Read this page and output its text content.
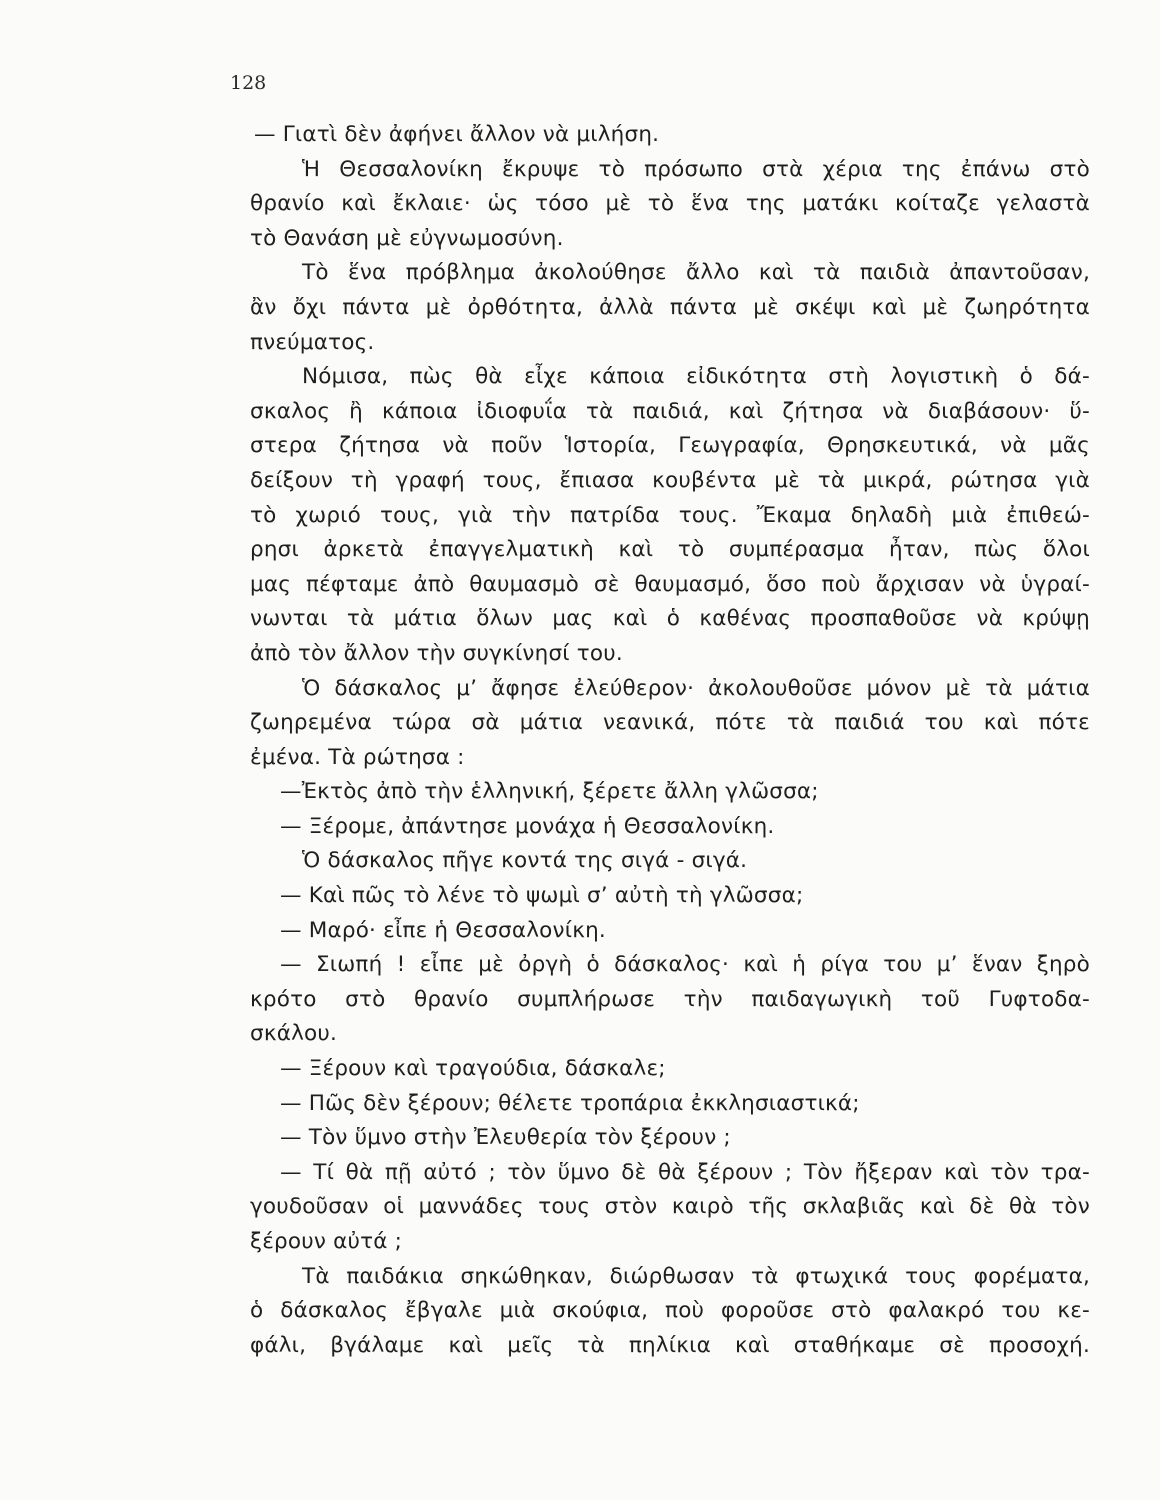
128
— Γιατὶ δὲν ἀφήνει ἄλλον νὰ μιλήση.
Ἡ Θεσσαλονίκη ἔκρυψε τὸ πρόσωπο στὰ χέρια της ἐπάνω στὸ
θρανίο καὶ ἔκλαιε· ὡς τόσο μὲ τὸ ἕνα της ματάκι κοίταζε γελαστὰ
τὸ Θανάση μὲ εὐγνωμοσύνη.
Τὸ ἕνα πρόβλημα ἀκολούθησε ἄλλο καὶ τὰ παιδιὰ ἀπαντοῦσαν,
ἂν ὄχι πάντα μὲ ὀρθότητα, ἀλλὰ πάντα μὲ σκέψι καὶ μὲ ζωηρότητα
πνεύματος.
Νόμισα, πὼς θὰ εἶχε κάποια εἰδικότητα στὴ λογιστικὴ ὁ δά-
σκαλος ἢ κάποια ἰδιοφυΐα τὰ παιδιά, καὶ ζήτησα νὰ διαβάσουν· ὕ-
στερα ζήτησα νὰ ποῦν Ἱστορία, Γεωγραφία, Θρησκευτικά, νὰ μᾶς
δείξουν τὴ γραφή τους, ἔπιασα κουβέντα μὲ τὰ μικρά, ρώτησα γιὰ
τὸ χωριό τους, γιὰ τὴν πατρίδα τους. Ἔκαμα δηλαδὴ μιὰ ἐπιθεώ-
ρησι ἀρκετὰ ἐπαγγελματικὴ καὶ τὸ συμπέρασμα ἦταν, πὼς ὅλοι
μας πέφταμε ἀπὸ θαυμασμὸ σὲ θαυμασμό, ὅσο ποὺ ἄρχισαν νὰ ὑγραί-
νωνται τὰ μάτια ὅλων μας καὶ ὁ καθένας προσπαθοῦσε νὰ κρύψῃ
ἀπὸ τὸν ἄλλον τὴν συγκίνησί του.
Ὁ δάσκαλος μ’ ἄφησε ἐλεύθερον· ἀκολουθοῦσε μόνον μὲ τὰ μάτια
ζωηρεμένα τώρα σὰ μάτια νεανικά, πότε τὰ παιδιά του καὶ πότε
ἐμένα. Τὰ ρώτησα :
—Ἐκτὸς ἀπὸ τὴν ἑλληνική, ξέρετε ἄλλη γλῶσσα;
— Ξέρομε, ἀπάντησε μονάχα ἡ Θεσσαλονίκη.
Ὁ δάσκαλος πῆγε κοντά της σιγά - σιγά.
— Καὶ πῶς τὸ λένε τὸ ψωμὶ σ’ αὐτὴ τὴ γλῶσσα;
— Μαρό· εἶπε ἡ Θεσσαλονίκη.
— Σιωπή ! εἶπε μὲ ὀργὴ ὁ δάσκαλος· καὶ ἡ ρίγα του μ’ ἕναν ξηρὸ
κρότο στὸ θρανίο συμπλήρωσε τὴν παιδαγωγικὴ τοῦ Γυφτοδα-
σκάλου.
— Ξέρουν καὶ τραγούδια, δάσκαλε;
— Πῶς δὲν ξέρουν; θέλετε τροπάρια ἐκκλησιαστικά;
— Τὸν ὕμνο στὴν Ἐλευθερία τὸν ξέρουν ;
— Τί θὰ πῇ αὐτό ; τὸν ὕμνο δὲ θὰ ξέρουν ; Τὸν ἤξεραν καὶ τὸν τρα-
γουδοῦσαν οἱ μαννάδες τους στὸν καιρὸ τῆς σκλαβιᾶς καὶ δὲ θὰ τὸν
ξέρουν αὐτά ;
Τὰ παιδάκια σηκώθηκαν, διώρθωσαν τὰ φτωχικά τους φορέματα,
ὁ δάσκαλος ἔβγαλε μιὰ σκούφια, ποὺ φοροῦσε στὸ φαλακρό του κε-
φάλι, βγάλαμε καὶ μεῖς τὰ πηλίκια καὶ σταθήκαμε σὲ προσοχή.
